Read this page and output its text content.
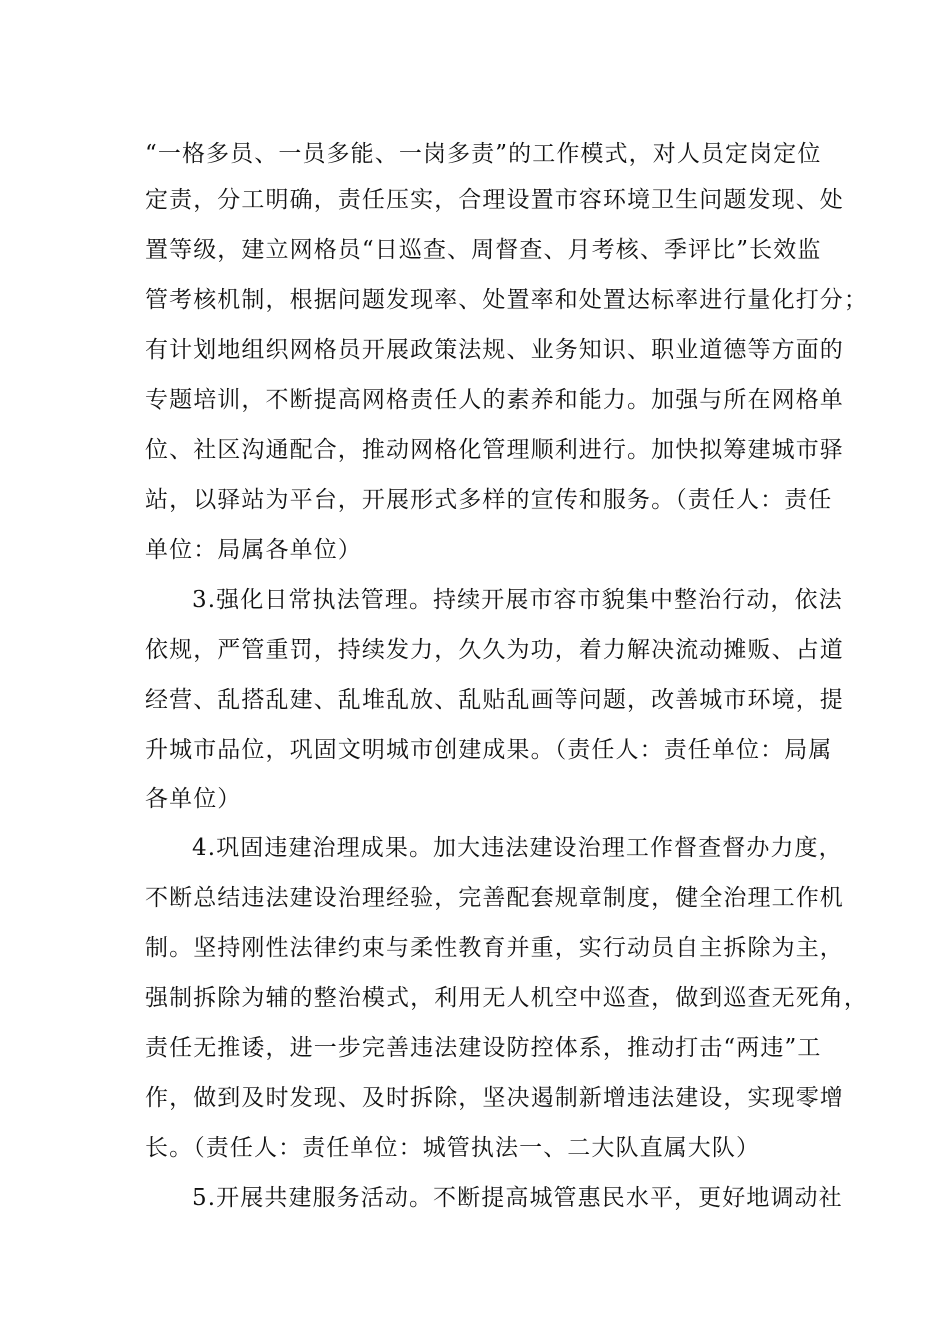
“一格多员、一员多能、一岗多责”的工作模式，对人员定岗定位
定责，分工明确，责任压实，合理设置市容环境卫生问题发现、处
置等级，建立网格员“日巡查、周督查、月考核、季评比”长效监
管考核机制，根据问题发现率、处置率和处置达标率进行量化打分；
有计划地组织网格员开展政策法规、业务知识、职业道德等方面的
专题培训，不断提高网格责任人的素养和能力。加强与所在网格单
位、社区沟通配合，推动网格化管理顺利进行。加快拟筹建城市驿
站，以驿站为平台，开展形式多样的宣传和服务。（责任人：责任
单位：局属各单位）
3.强化日常执法管理。持续开展市容市貌集中整治行动，依法
依规，严管重罚，持续发力，久久为功，着力解决流动摊贩、占道
经营、乱搭乱建、乱堆乱放、乱贴乱画等问题，改善城市环境，提
升城市品位，巩固文明城市创建成果。（责任人：责任单位：局属
各单位）
4.巩固违建治理成果。加大违法建设治理工作督查督办力度，
不断总结违法建设治理经验，完善配套规章制度，健全治理工作机
制。坚持刚性法律约束与柔性教育并重，实行动员自主拆除为主，
强制拆除为辅的整治模式，利用无人机空中巡查，做到巡查无死角，
责任无推诿，进一步完善违法建设防控体系，推动打击“两违”工
作，做到及时发现、及时拆除，坚决遏制新增违法建设，实现零增
长。（责任人：责任单位：城管执法一、二大队直属大队）
5.开展共建服务活动。不断提高城管惠民水平，更好地调动社
